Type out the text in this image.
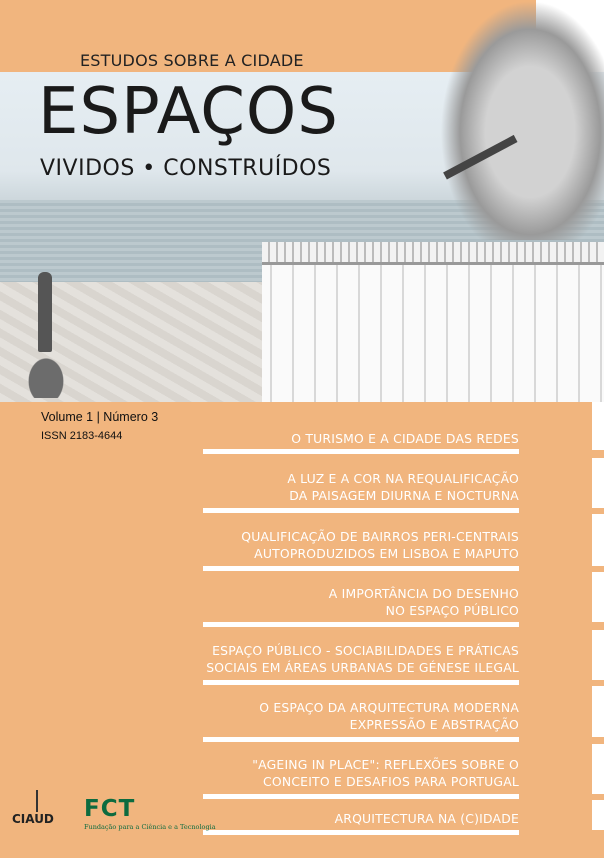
ESTUDOS SOBRE A CIDADE
ESPAÇOS
VIVIDOS • CONSTRUÍDOS
Volume 1 | Número 3
ISSN 2183-4644	O TURISMO E A CIDADE DAS REDES
A LUZ E A COR NA REQUALIFICAÇÃO
DA PAISAGEM DIURNA E NOCTURNA
QUALIFICAÇÃO DE BAIRROS PERI-CENTRAIS
AUTOPRODUZIDOS EM LISBOA E MAPUTO
A IMPORTÂNCIA DO DESENHO
NO ESPAÇO PÚBLICO
ESPAÇO PÚBLICO - SOCIABILIDADES E PRÁTICAS
SOCIAIS EM ÁREAS URBANAS DE GÉNESE ILEGAL
O ESPAÇO DA ARQUITECTURA MODERNA
EXPRESSÃO E ABSTRAÇÃO
"AGEING IN PLACE": REFLEXÕES SOBRE O
CONCEITO E DESAFIOS PARA PORTUGAL
ARQUITECTURA NA (C)IDADE
CIAUD FCT
Fundação para a Ciência e a Tecnologia
